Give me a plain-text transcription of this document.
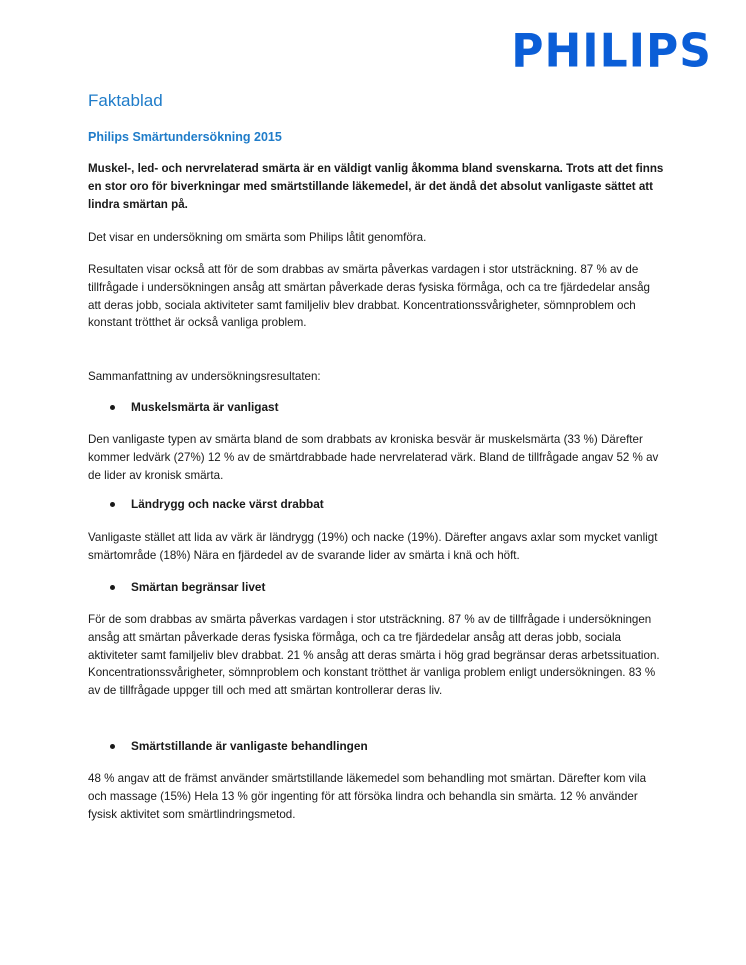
PHILIPS
Faktablad
Philips Smärtundersökning 2015

Muskel-, led- och nervrelaterad smärta är en väldigt vanlig åkomma bland svenskarna. Trots att det finns en stor oro för biverkningar med smärtstillande läkemedel, är det ändå det absolut vanligaste sättet att lindra smärtan på.

Det visar en undersökning om smärta som Philips låtit genomföra.

Resultaten visar också att för de som drabbas av smärta påverkas vardagen i stor utsträckning. 87 % av de tillfrågade i undersökningen ansåg att smärtan påverkade deras fysiska förmåga, och ca tre fjärdedelar ansåg att deras jobb, sociala aktiviteter samt familjeliv blev drabbat. Koncentrationssvårigheter, sömnproblem och konstant trötthet är också vanliga problem.

Sammanfattning av undersökningsresultaten:

Muskelsmärta är vanligast

Den vanligaste typen av smärta bland de som drabbats av kroniska besvär är muskelsmärta (33 %) Därefter kommer ledvärk (27%) 12 % av de smärtdrabbade hade nervrelaterad värk. Bland de tillfrågade angav 52 % av de lider av kronisk smärta.

Ländrygg och nacke värst drabbat

Vanligaste stället att lida av värk är ländrygg (19%) och nacke (19%). Därefter angavs axlar som mycket vanligt smärtområde (18%) Nära en fjärdedel av de svarande lider av smärta i knä och höft.

Smärtan begränsar livet

För de som drabbas av smärta påverkas vardagen i stor utsträckning. 87 % av de tillfrågade i undersökningen ansåg att smärtan påverkade deras fysiska förmåga, och ca tre fjärdedelar ansåg att deras jobb, sociala aktiviteter samt familjeliv blev drabbat. 21 % ansåg att deras smärta i hög grad begränsar deras arbetssituation. Koncentrationssvårigheter, sömnproblem och konstant trötthet är vanliga problem enligt undersökningen. 83 % av de tillfrågade uppger till och med att smärtan kontrollerar deras liv.

Smärtstillande är vanligaste behandlingen

48 % angav att de främst använder smärtstillande läkemedel som behandling mot smärtan. Därefter kom vila och massage (15%) Hela 13 % gör ingenting för att försöka lindra och behandla sin smärta. 12 % använder fysisk aktivitet som smärtlindringsmetod.
